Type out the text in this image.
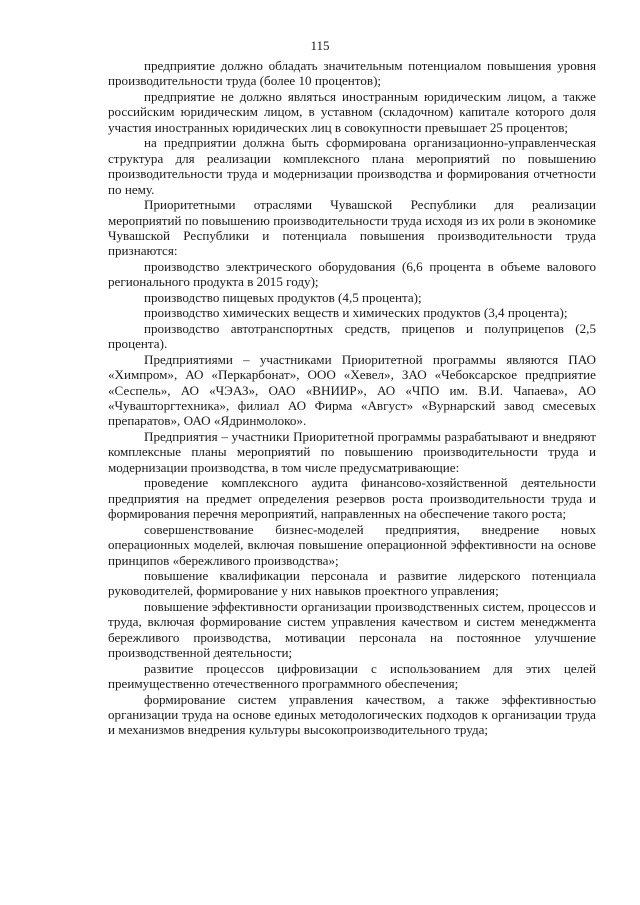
115

предприятие должно обладать значительным потенциалом повышения уровня производительности труда (более 10 процентов);

предприятие не должно являться иностранным юридическим лицом, а также российским юридическим лицом, в уставном (складочном) капитале которого доля участия иностранных юридических лиц в совокупности превышает 25 процентов;

на предприятии должна быть сформирована организационно-управленческая структура для реализации комплексного плана мероприятий по повышению производительности труда и модернизации производства и формирования отчетности по нему.

Приоритетными отраслями Чувашской Республики для реализации мероприятий по повышению производительности труда исходя из их роли в экономике Чувашской Республики и потенциала повышения производительности труда признаются:

производство электрического оборудования (6,6 процента в объеме валового регионального продукта в 2015 году);

производство пищевых продуктов (4,5 процента);

производство химических веществ и химических продуктов (3,4 процента);

производство автотранспортных средств, прицепов и полуприцепов (2,5 процента).

Предприятиями – участниками Приоритетной программы являются ПАО «Химпром», АО «Перкарбонат», ООО «Хевел», ЗАО «Чебоксарское предприятие «Сеспель», АО «ЧЭАЗ», ОАО «ВНИИР», АО «ЧПО им. В.И. Чапаева», АО «Чувашторгтехника», филиал АО Фирма «Август» «Вурнарский завод смесевых препаратов», ОАО «Ядринмолоко».

Предприятия – участники Приоритетной программы разрабатывают и внедряют комплексные планы мероприятий по повышению производительности труда и модернизации производства, в том числе предусматривающие:

проведение комплексного аудита финансово-хозяйственной деятельности предприятия на предмет определения резервов роста производительности труда и формирования перечня мероприятий, направленных на обеспечение такого роста;

совершенствование бизнес-моделей предприятия, внедрение новых операционных моделей, включая повышение операционной эффективности на основе принципов «бережливого производства»;

повышение квалификации персонала и развитие лидерского потенциала руководителей, формирование у них навыков проектного управления;

повышение эффективности организации производственных систем, процессов и труда, включая формирование систем управления качеством и систем менеджмента бережливого производства, мотивации персонала на постоянное улучшение производственной деятельности;

развитие процессов цифровизации с использованием для этих целей преимущественно отечественного программного обеспечения;

формирование систем управления качеством, а также эффективностью организации труда на основе единых методологических подходов к организации труда и механизмов внедрения культуры высокопроизводительного труда;
